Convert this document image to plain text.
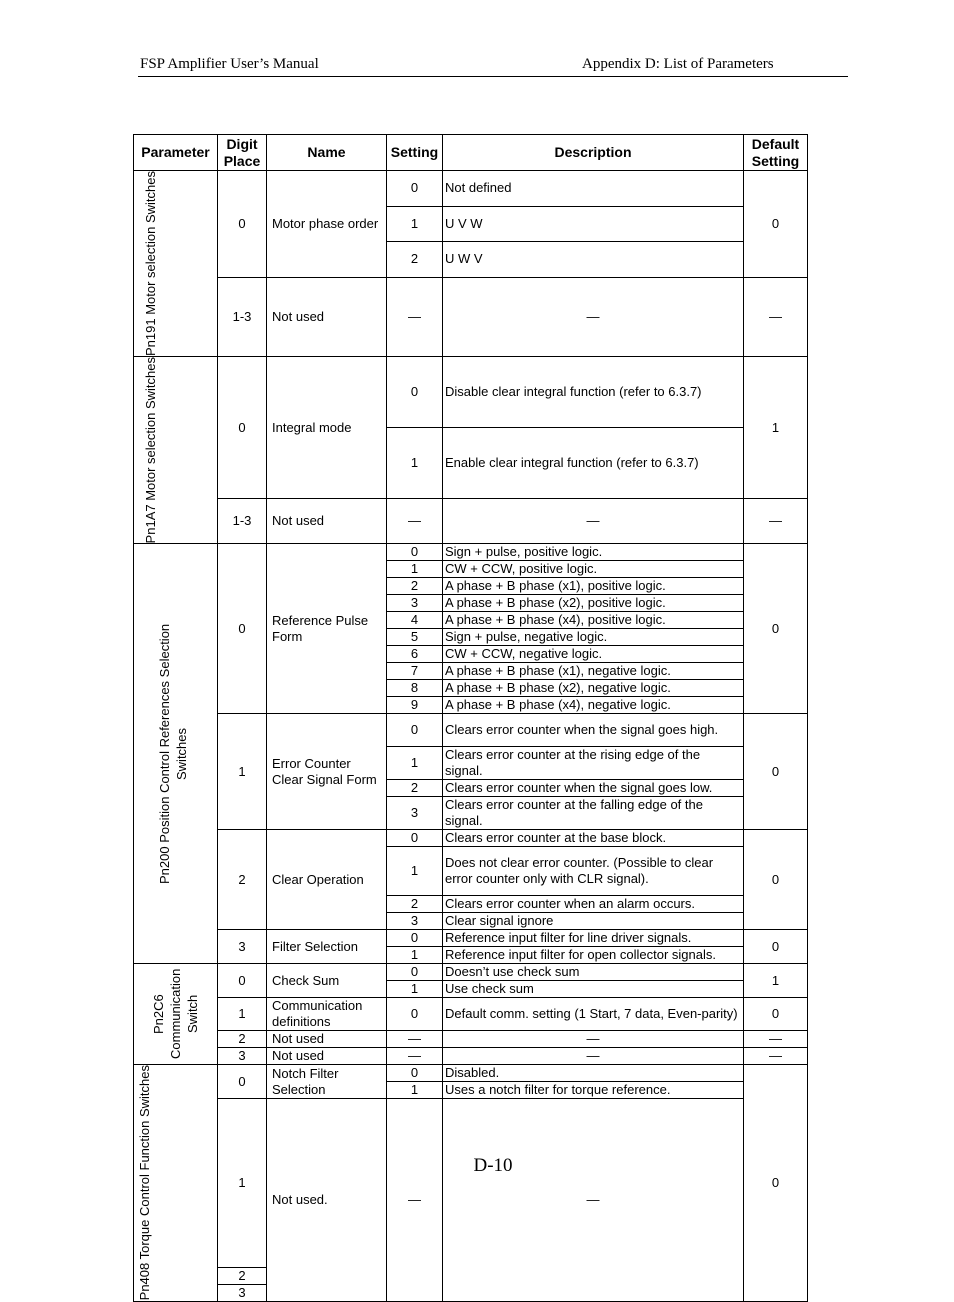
FSP Amplifier User’s Manual	Appendix D: List of Parameters
Parameter	Digit Place	Name	Setting	Description	Default Setting

Pn191 Motor selection Switches	0	Motor phase order	0	Not defined	0
			1	U V W	
			2	U W V	
	1-3	Not used	—	—	—

Pn1A7 Motor selection Switches	0	Integral mode	0	Disable clear integral function (refer to 6.3.7)	1
			1	Enable clear integral function (refer to 6.3.7)	
	1-3	Not used	—	—	—

Pn200 Position Control References Selection Switches	0	Reference Pulse Form	0	Sign + pulse, positive logic.	0
			1	CW + CCW, positive logic.	
			2	A phase + B phase (x1), positive logic.	
			3	A phase + B phase (x2), positive logic.	
			4	A phase + B phase (x4), positive logic.	
			5	Sign + pulse, negative logic.	
			6	CW + CCW, negative logic.	
			7	A phase + B phase (x1), negative logic.	
			8	A phase + B phase (x2), negative logic.	
			9	A phase + B phase (x4), negative logic.	
	1	Error Counter Clear Signal Form	0	Clears error counter when the signal goes high.	0
			1	Clears error counter at the rising edge of the signal.	
			2	Clears error counter when the signal goes low.	
			3	Clears error counter at the falling edge of the signal.	
	2	Clear Operation	0	Clears error counter at the base block.	0
			1	Does not clear error counter. (Possible to clear error counter only with CLR signal).	
			2	Clears error counter when an alarm occurs.	
			3	Clear signal ignore	
	3	Filter Selection	0	Reference input filter for line driver signals.	0
			1	Reference input filter for open collector signals.	

Pn2C6 Communication Switch	0	Check Sum	0	Doesn’t use check sum	1
			1	Use check sum	
	1	Communication definitions	0	Default comm. setting (1 Start, 7 data, Even-parity)	0
	2	Not used	—	—	—
	3	Not used	—	—	—

Pn408 Torque Control Function Switches	0	Notch Filter Selection	0	Disabled.	0
			1	Uses a notch filter for torque reference.	
	1	Not used.	—	—	
	2				
	3				
D-10
